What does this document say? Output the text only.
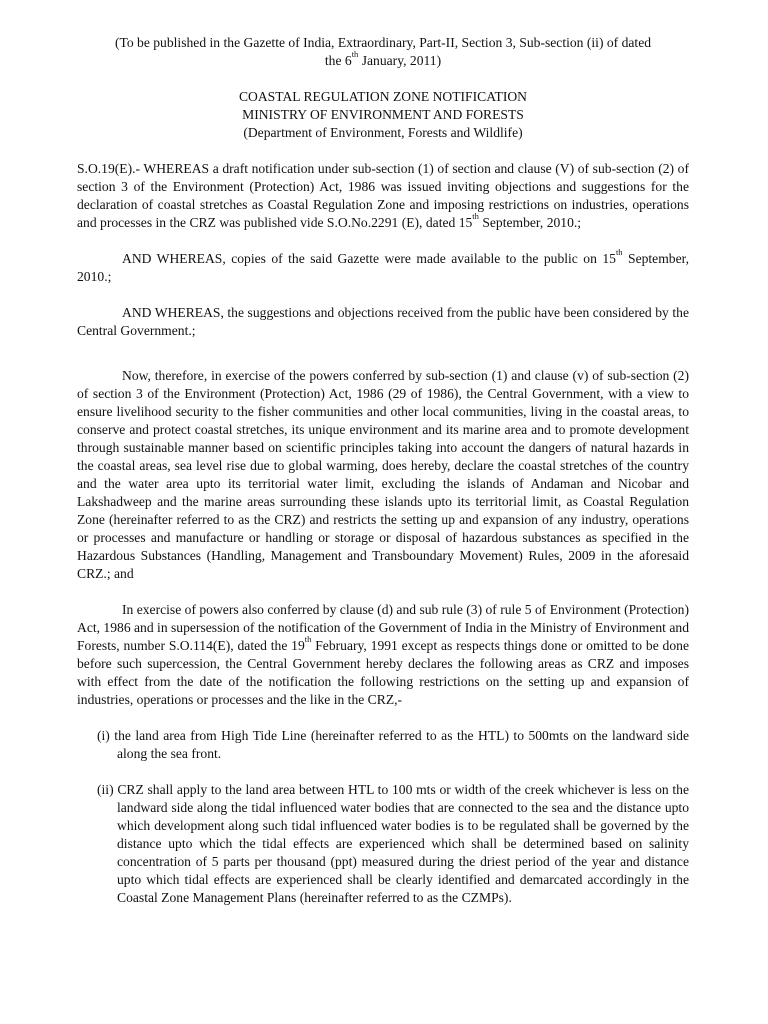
(To be published in the Gazette of India, Extraordinary, Part-II, Section 3, Sub-section (ii) of dated

the 6th January, 2011)

COASTAL REGULATION ZONE NOTIFICATION

MINISTRY OF ENVIRONMENT AND FORESTS

(Department of Environment, Forests and Wildlife)

S.O.19(E).- WHEREAS a draft notification under sub-section (1) of section and clause (V) of sub-section (2) of section 3 of the Environment (Protection) Act, 1986 was issued inviting objections and suggestions for the declaration of coastal stretches as Coastal Regulation Zone and imposing restrictions on industries, operations and processes in the CRZ was published vide S.O.No.2291 (E), dated 15th September, 2010.;

AND WHEREAS, copies of the said Gazette were made available to the public on 15th September, 2010.;

AND WHEREAS, the suggestions and objections received from the public have been considered by the Central Government.;

Now, therefore, in exercise of the powers conferred by sub-section (1) and clause (v) of sub-section (2) of section 3 of the Environment (Protection) Act, 1986 (29 of 1986), the Central Government, with a view to ensure livelihood security to the fisher communities and other local communities, living in the coastal areas, to conserve and protect coastal stretches, its unique environment and its marine area and to promote development through sustainable manner based on scientific principles taking into account the dangers of natural hazards in the coastal areas, sea level rise due to global warming, does hereby, declare the coastal stretches of the country and the water area upto its territorial water limit, excluding the islands of Andaman and Nicobar and Lakshadweep and the marine areas surrounding these islands upto its territorial limit, as Coastal Regulation Zone (hereinafter referred to as the CRZ) and restricts the setting up and expansion of any industry, operations or processes and manufacture or handling or storage or disposal of hazardous substances as specified in the Hazardous Substances (Handling, Management and Transboundary Movement) Rules, 2009 in the aforesaid CRZ.; and

In exercise of powers also conferred by clause (d) and sub rule (3) of rule 5 of Environment (Protection) Act, 1986 and in supersession of the notification of the Government of India in the Ministry of Environment and Forests, number S.O.114(E), dated the 19th February, 1991 except as respects things done or omitted to be done before such supercession, the Central Government hereby declares the following areas as CRZ and imposes with effect from the date of the notification the following restrictions on the setting up and expansion of industries, operations or processes and the like in the CRZ,-

(i) the land area from High Tide Line (hereinafter referred to as the HTL) to 500mts on the landward side along the sea front.

(ii) CRZ shall apply to the land area between HTL to 100 mts or width of the creek whichever is less on the landward side along the tidal influenced water bodies that are connected to the sea and the distance upto which development along such tidal influenced water bodies is to be regulated shall be governed by the distance upto which the tidal effects are experienced which shall be determined based on salinity concentration of 5 parts per thousand (ppt) measured during the driest period of the year and distance upto which tidal effects are experienced shall be clearly identified and demarcated accordingly in the Coastal Zone Management Plans (hereinafter referred to as the CZMPs).
